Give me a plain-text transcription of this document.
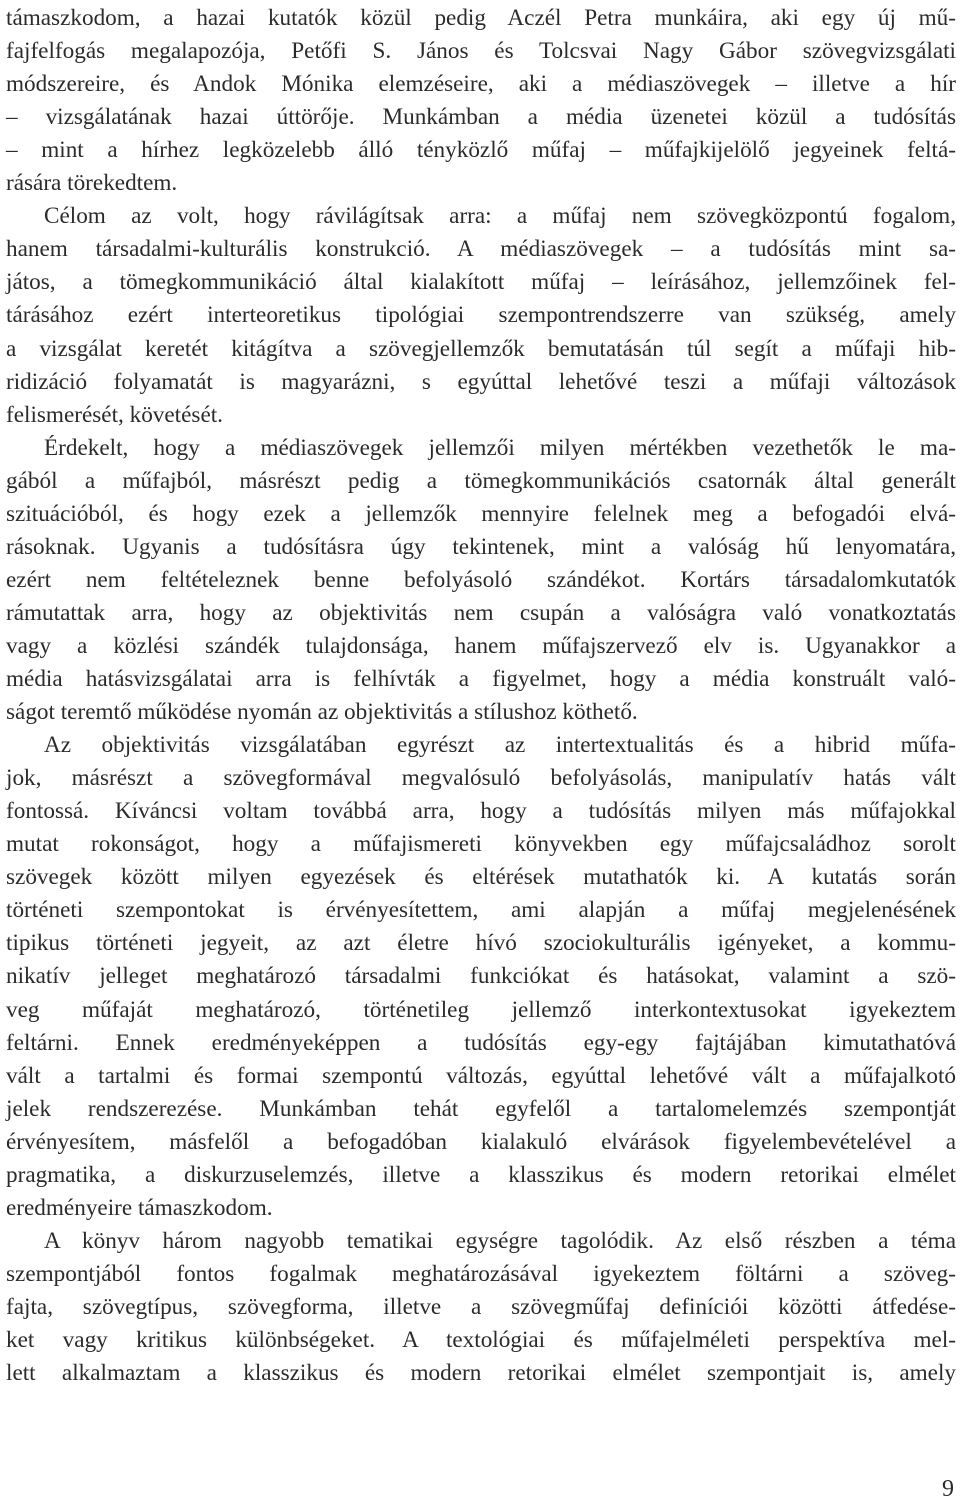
támaszkodom, a hazai kutatók közül pedig Aczél Petra munkáira, aki egy új mű-
fajfelfogás megalapozója, Petőfi S. János és Tolcsvai Nagy Gábor szövegvizsgálati
módszereire, és Andok Mónika elemzéseire, aki a médiaszövegek – illetve a hír
– vizsgálatának hazai úttörője. Munkámban a média üzenetei közül a tudósítás
– mint a hírhez legközelebb álló tényközlő műfaj – műfajkijelölő jegyeinek feltá-
rására törekedtem.
Célom az volt, hogy rávilágítsak arra: a műfaj nem szövegközpontú fogalom,
hanem társadalmi-kulturális konstrukció. A médiaszövegek – a tudósítás mint sa-
játos, a tömegkommunikáció által kialakított műfaj – leírásához, jellemzőinek fel-
tárásához ezért interteoretikus tipológiai szempontrendszerre van szükség, amely
a vizsgálat keretét kitágítva a szövegjellemzők bemutatásán túl segít a műfaji hib-
ridizáció folyamatát is magyarázni, s egyúttal lehetővé teszi a műfaji változások
felismerését, követését.
Érdekelt, hogy a médiaszövegek jellemzői milyen mértékben vezethetők le ma-
gából a műfajból, másrészt pedig a tömegkommunikációs csatornák által generált
szituációból, és hogy ezek a jellemzők mennyire felelnek meg a befogadói elvá-
rásoknak. Ugyanis a tudósításra úgy tekintenek, mint a valóság hű lenyomatára,
ezért nem feltételeznek benne befolyásoló szándékot. Kortárs társadalomkutatók
rámutattak arra, hogy az objektivitás nem csupán a valóságra való vonatkoztatás
vagy a közlési szándék tulajdonsága, hanem műfajszervező elv is. Ugyanakkor a
média hatásvizsgálatai arra is felhívták a figyelmet, hogy a média konstruált való-
ságot teremtő működése nyomán az objektivitás a stílushoz köthető.
Az objektivitás vizsgálatában egyrészt az intertextualitás és a hibrid műfa-
jok, másrészt a szövegformával megvalósuló befolyásolás, manipulatív hatás vált
fontossá. Kíváncsi voltam továbbá arra, hogy a tudósítás milyen más műfajokkal
mutat rokonságot, hogy a műfajismereti könyvekben egy műfajcsaládhoz sorolt
szövegek között milyen egyezések és eltérések mutathatók ki. A kutatás során
történeti szempontokat is érvényesítettem, ami alapján a műfaj megjelenésének
tipikus történeti jegyeit, az azt életre hívó szociokulturális igényeket, a kommu-
nikatív jelleget meghatározó társadalmi funkciókat és hatásokat, valamint a szö-
veg műfaját meghatározó, történetileg jellemző interkontextusokat igyekeztem
feltárni. Ennek eredményeképpen a tudósítás egy-egy fajtájában kimutathatóvá
vált a tartalmi és formai szempontú változás, egyúttal lehetővé vált a műfajalkotó
jelek rendszerezése. Munkámban tehát egyfelől a tartalomelemzés szempontját
érvényesítem, másfelől a befogadóban kialakuló elvárások figyelembevételével a
pragmatika, a diskurzuselemzés, illetve a klasszikus és modern retorikai elmélet
eredményeire támaszkodom.
A könyv három nagyobb tematikai egységre tagolódik. Az első részben a téma
szempontjából fontos fogalmak meghatározásával igyekeztem föltárni a szöveg-
fajta, szövegtípus, szövegforma, illetve a szövegműfaj definíciói közötti átfedése-
ket vagy kritikus különbségeket. A textológiai és műfajelméleti perspektíva mel-
lett alkalmaztam a klasszikus és modern retorikai elmélet szempontjait is, amely
9
